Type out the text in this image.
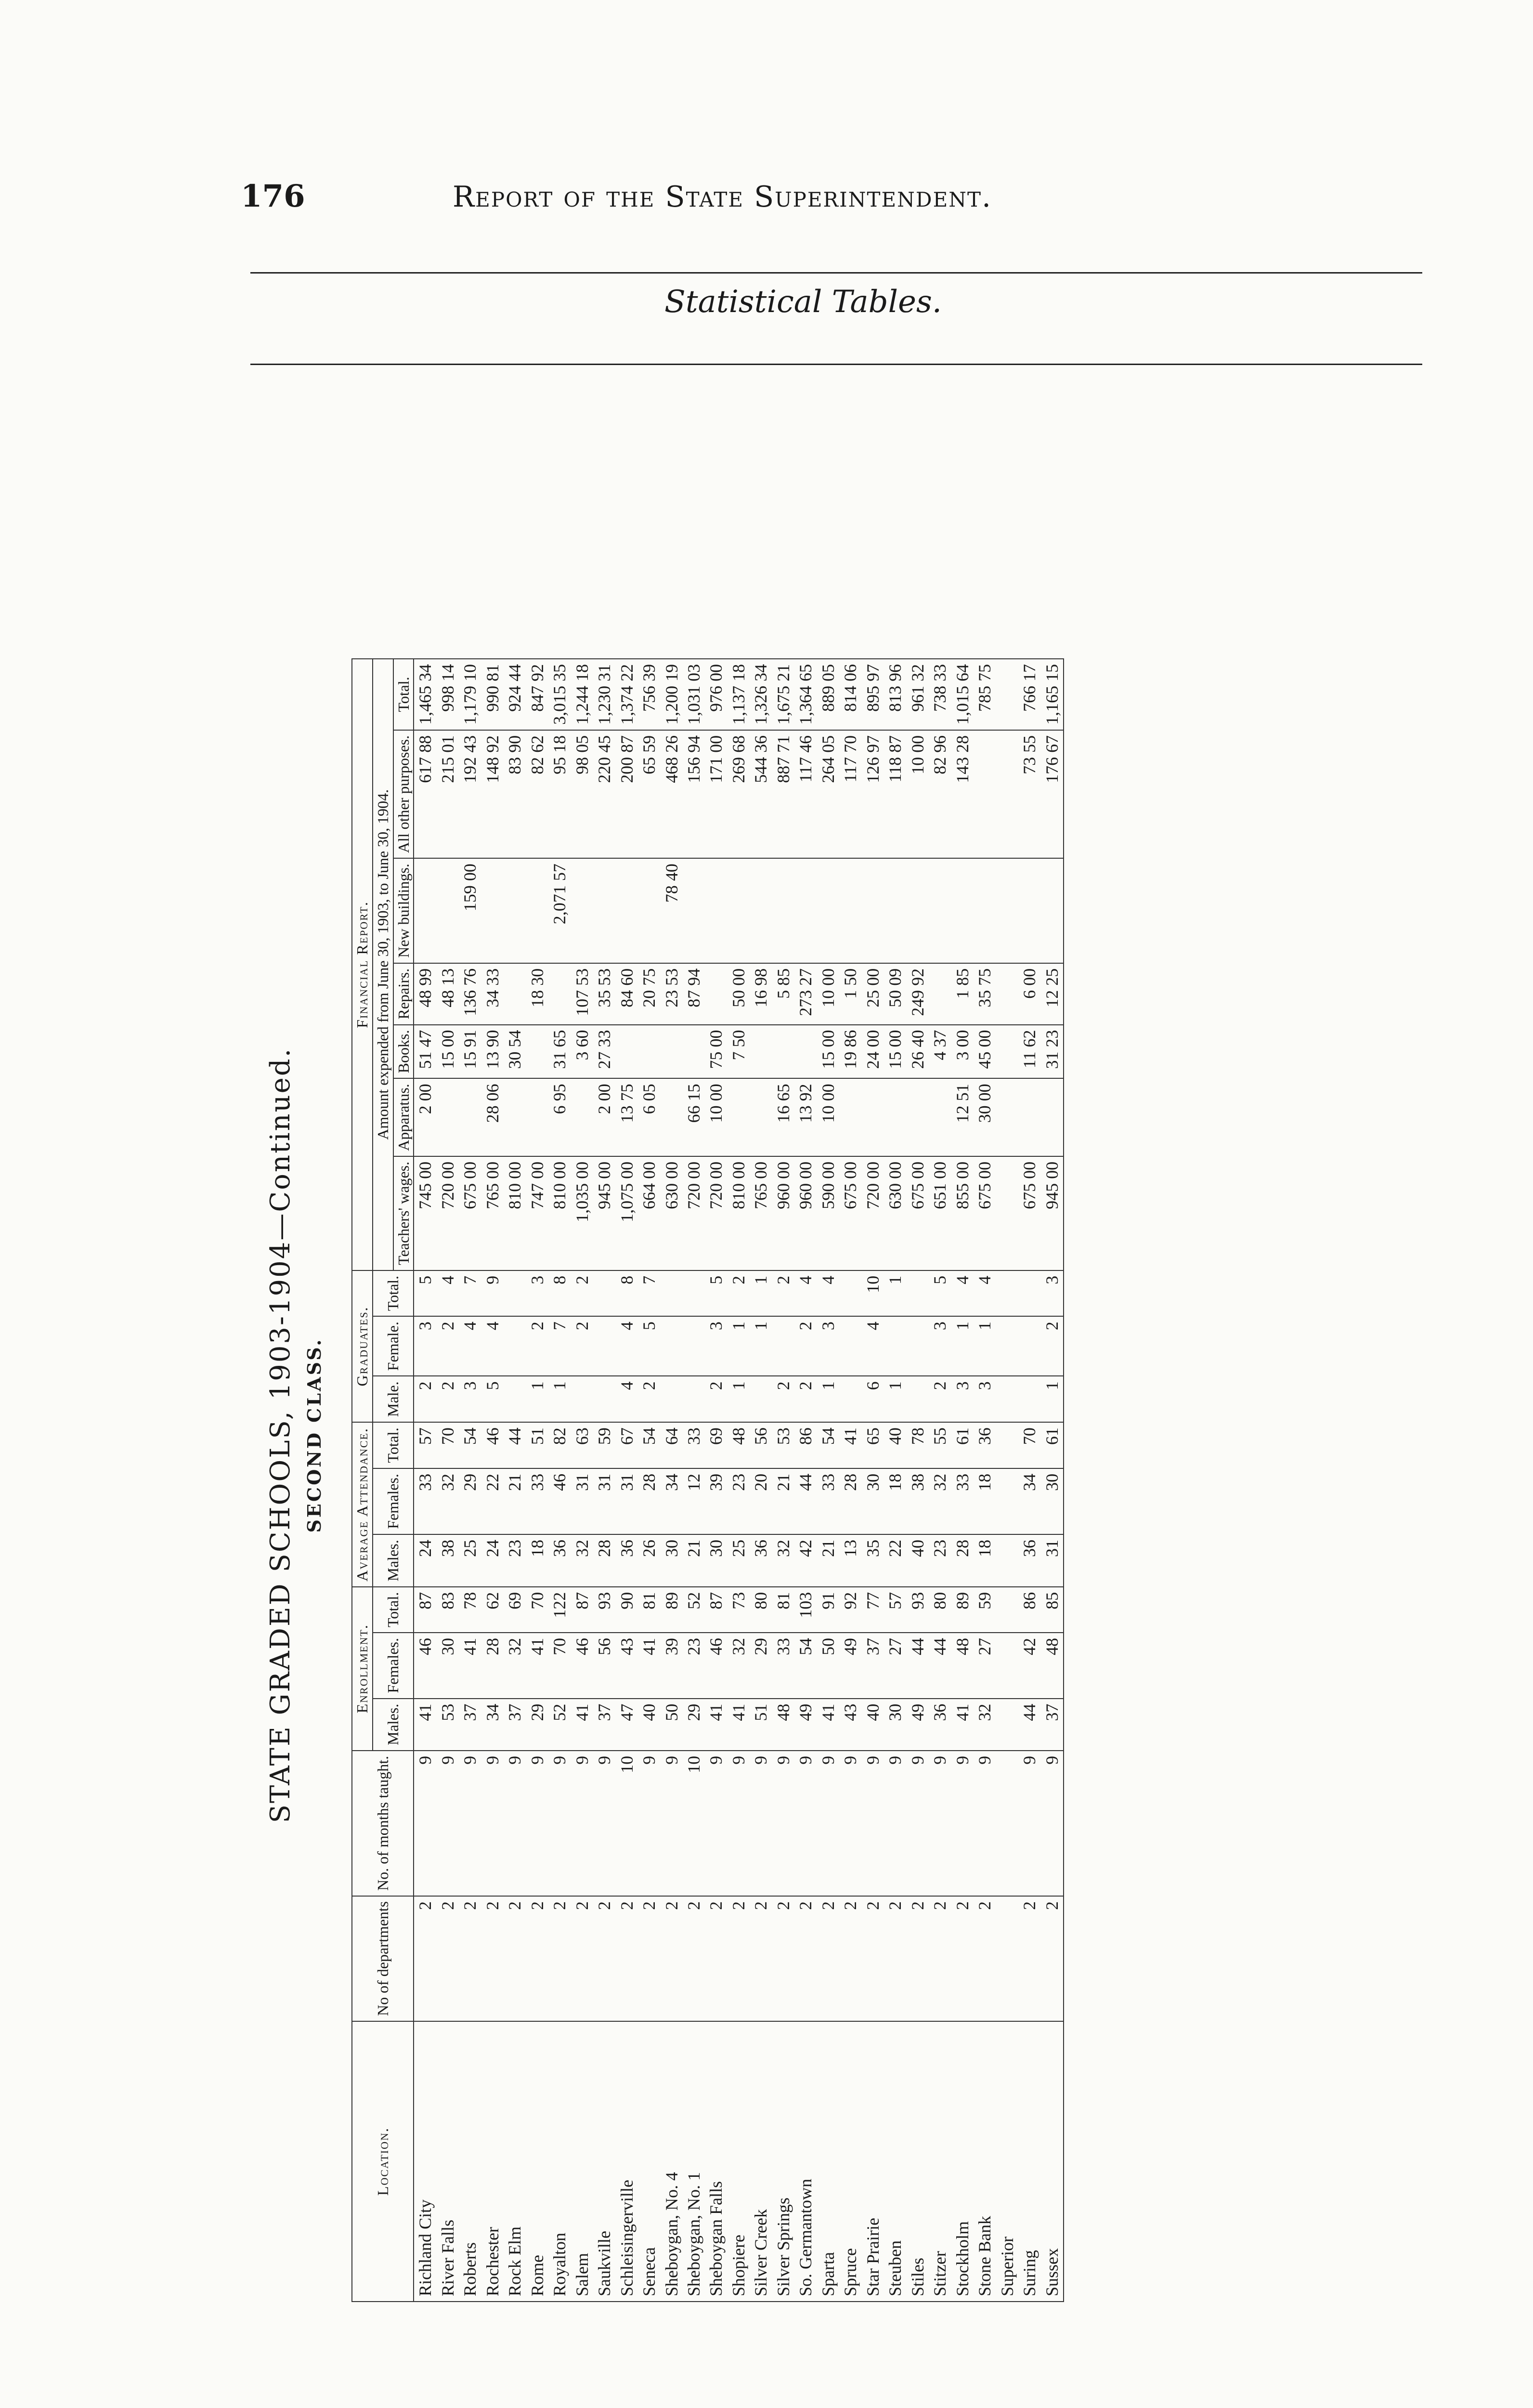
176	Report of the State Superintendent.
Statistical Tables.
STATE GRADED SCHOOLS, 1903-1904—Continued. SECOND CLASS.
Location.	No of departments	No. of months taught.	Enrollment.			Average Attendance.			Graduates.			Financial Report.						
			Males.	Females.	Total.	Males.	Females.	Total.	Male.	Female.	Total.	Amount expended from June 30, 1903, to June 30, 1904.						
												Teachers' wages.	Apparatus.	Books.	Repairs.	New buildings.	All other purposes.	Total.
Richland City	2	9	41	46	87	24	33	57	2	3	5	745 00	2 00	51 47	48 99		617 88	1,465 34
River Falls	2	9	53	30	83	38	32	70	2	2	4	720 00		15 00	48 13		215 01	998 14
Roberts	2	9	37	41	78	25	29	54	3	4	7	675 00		15 91	136 76	159 00	192 43	1,179 10
Rochester	2	9	34	28	62	24	22	46	5	4	9	765 00	28 06	13 90	34 33		148 92	990 81
Rock Elm	2	9	37	32	69	23	21	44				810 00		30 54			83 90	924 44
Rome	2	9	29	41	70	18	33	51	1	2	3	747 00			18 30		82 62	847 92
Royalton	2	9	52	70	122	36	46	82	1	7	8	810 00	6 95	31 65		2,071 57	95 18	3,015 35
Salem	2	9	41	46	87	32	31	63		2	2	1,035 00		3 60	107 53		98 05	1,244 18
Saukville	2	9	37	56	93	28	31	59				945 00	2 00	27 33	35 53		220 45	1,230 31
Schleisingerville	2	10	47	43	90	36	31	67	4	4	8	1,075 00	13 75		84 60		200 87	1,374 22
Seneca	2	9	40	41	81	26	28	54	2	5	7	664 00	6 05		20 75		65 59	756 39
Sheboygan, No. 4	2	9	50	39	89	30	34	64				630 00			23 53	78 40	468 26	1,200 19
Sheboygan, No. 1	2	10	29	23	52	21	12	33				720 00	66 15		87 94		156 94	1,031 03
Sheboygan Falls	2	9	41	46	87	30	39	69	2	3	5	720 00	10 00	75 00			171 00	976 00
Shopiere	2	9	41	32	73	25	23	48	1	1	2	810 00		7 50	50 00		269 68	1,137 18
Silver Creek	2	9	51	29	80	36	20	56		1	1	765 00			16 98		544 36	1,326 34
Silver Springs	2	9	48	33	81	32	21	53	2		2	960 00	16 65		5 85		887 71	1,675 21
So. Germantown	2	9	49	54	103	42	44	86	2	2	4	960 00	13 92		273 27		117 46	1,364 65
Sparta	2	9	41	50	91	21	33	54	1	3	4	590 00	10 00	15 00	10 00		264 05	889 05
Spruce	2	9	43	49	92	13	28	41				675 00		19 86	1 50		117 70	814 06
Star Prairie	2	9	40	37	77	35	30	65	6	4	10	720 00		24 00	25 00		126 97	895 97
Steuben	2	9	30	27	57	22	18	40	1		1	630 00		15 00	50 09		118 87	813 96
Stiles	2	9	49	44	93	40	38	78				675 00		26 40	249 92		10 00	961 32
Stitzer	2	9	36	44	80	23	32	55	2	3	5	651 00		4 37			82 96	738 33
Stockholm	2	9	41	48	89	28	33	61	3	1	4	855 00	12 51	3 00	1 85		143 28	1,015 64
Stone Bank	2	9	32	27	59	18	18	36	3	1	4	675 00	30 00	45 00	35 75			785 75
Superior																		
Suring	2	9	44	42	86	36	34	70				675 00		11 62	6 00		73 55	766 17
Sussex	2	9	37	48	85	31	30	61	1	2	3	945 00		31 23	12 25		176 67	1,165 15
